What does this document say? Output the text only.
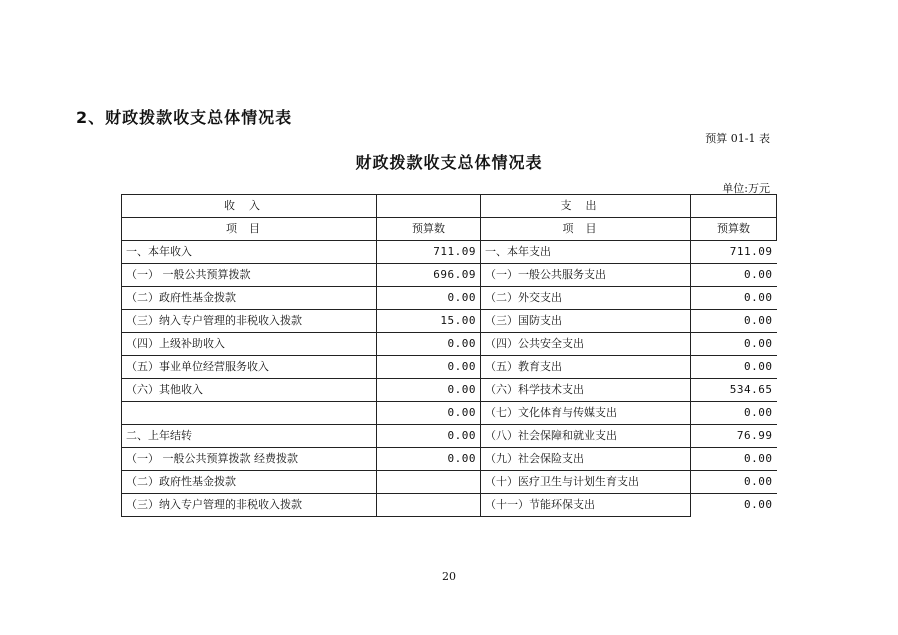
2、财政拨款收支总体情况表
预算 01-1 表
财政拨款收支总体情况表
单位:万元
收入		支出	
项目	预算数	项目	预算数
一、本年收入	711.09	一、本年支出	711.09
（一） 一般公共预算拨款	696.09	（一）一般公共服务支出	0.00
（二）政府性基金拨款	0.00	（二）外交支出	0.00
（三）纳入专户管理的非税收入拨款	15.00	（三）国防支出	0.00
（四）上级补助收入	0.00	（四）公共安全支出	0.00
（五）事业单位经营服务收入	0.00	（五）教育支出	0.00
（六）其他收入	0.00	（六）科学技术支出	534.65
	0.00	（七）文化体育与传媒支出	0.00
二、上年结转	0.00	（八）社会保障和就业支出	76.99
（一） 一般公共预算拨款 经费拨款	0.00	（九）社会保险支出	0.00
（二）政府性基金拨款		（十）医疗卫生与计划生育支出	0.00
（三）纳入专户管理的非税收入拨款		（十一）节能环保支出	0.00
20
